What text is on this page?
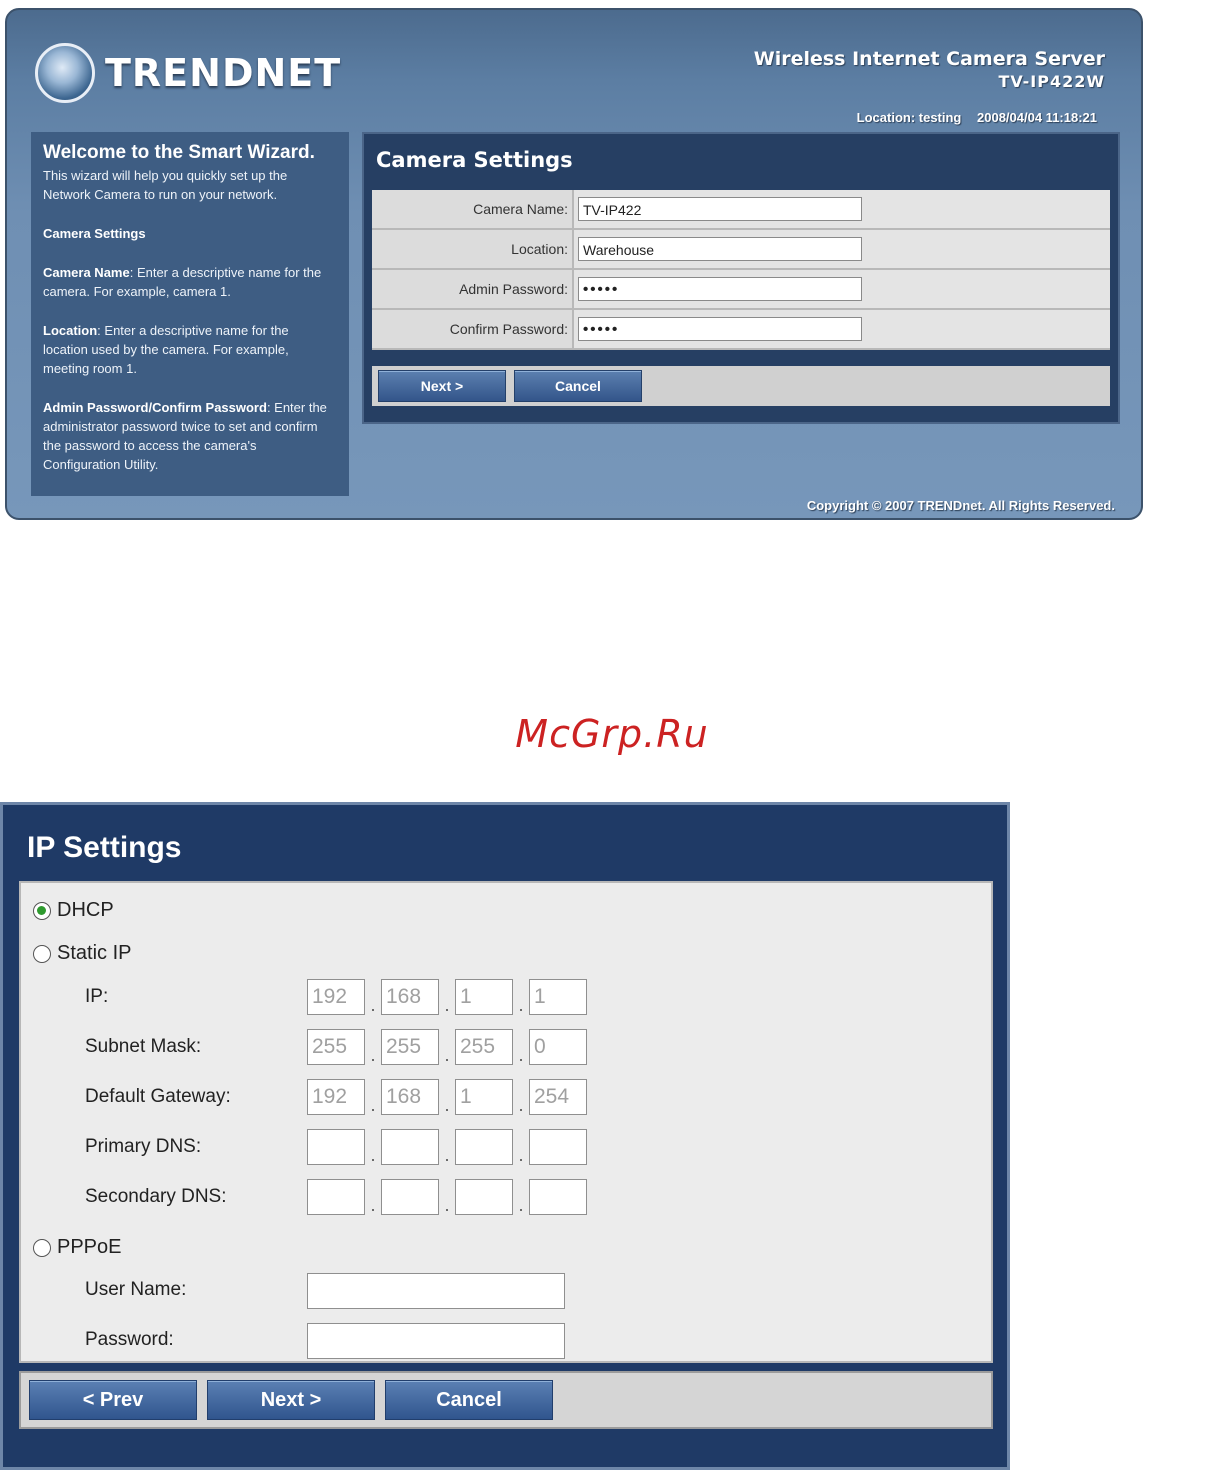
TRENDNET	Wireless Internet Camera Server
TV-IP422W
Location: testing 2008/04/04 11:18:21
Welcome to the Smart Wizard.
This wizard will help you quickly set up the Network Camera to run on your network.
Camera Settings
Camera Name: Enter a descriptive name for the camera. For example, camera 1.
Location: Enter a descriptive name for the location used by the camera. For example, meeting room 1.
Admin Password/Confirm Password: Enter the administrator password twice to set and confirm the password to access the camera's Configuration Utility.
Camera Settings
Camera Name:	TV-IP422
Location:	Warehouse
Admin Password:	•••••
Confirm Password:	•••••
Next >	Cancel
Copyright © 2007 TRENDnet. All Rights Reserved.
McGrp.Ru
IP Settings
DHCP
Static IP
IP:	192	. 168	. 1	. 1
Subnet Mask:	255	. 255	. 255	. 0
Default Gateway:	192	. 168	. 1	. 254
Primary DNS:	.	.	.
Secondary DNS:	.	.	.
PPPoE
User Name:
Password:
< Prev	Next >	Cancel
